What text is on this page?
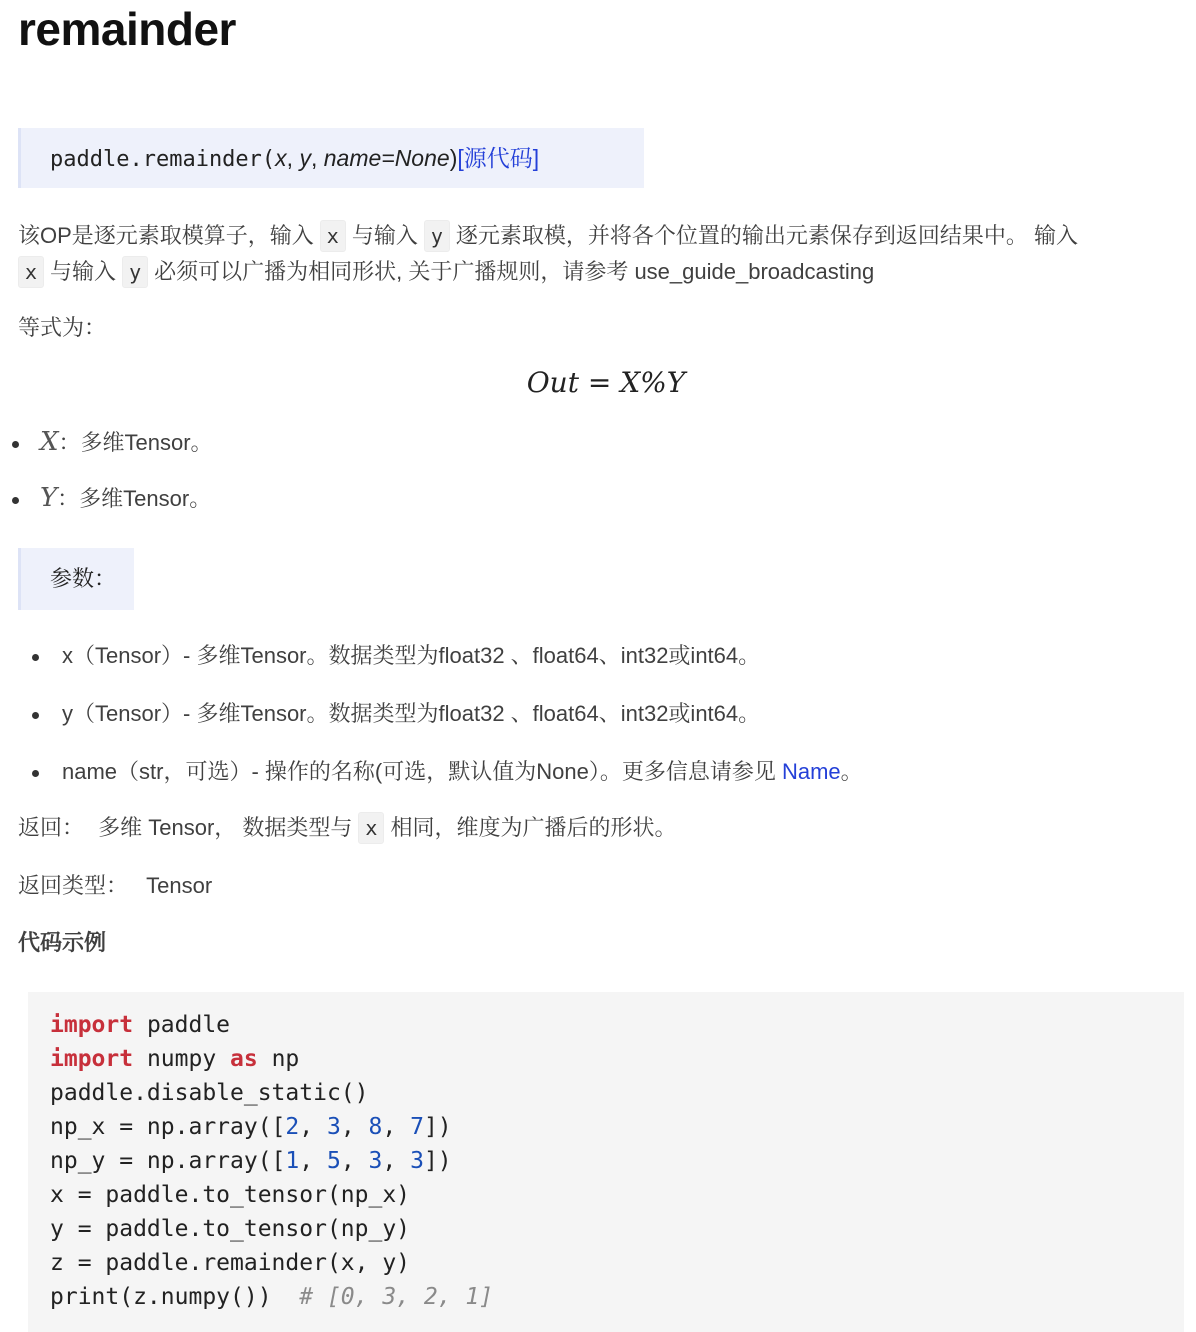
remainder
paddle.remainder(x, y, name=None)[源代码]
该OP是逐元素取模算子，输入 x 与输入 y 逐元素取模，并将各个位置的输出元素保存到返回结果中。 输入
x 与输入 y 必须可以广播为相同形状, 关于广播规则，请参考 use_guide_broadcasting
等式为：
Out = X%Y
X：多维Tensor。
Y：多维Tensor。
参数：
x（Tensor）- 多维Tensor。数据类型为float32 、float64、int32或int64。
y（Tensor）- 多维Tensor。数据类型为float32 、float64、int32或int64。
name（str，可选）- 操作的名称(可选，默认值为None）。更多信息请参见 Name。
返回： 多维 Tensor， 数据类型与 x 相同，维度为广播后的形状。
返回类型： Tensor
代码示例
import paddle
import numpy as np
paddle.disable_static()
np_x = np.array([2, 3, 8, 7])
np_y = np.array([1, 5, 3, 3])
x = paddle.to_tensor(np_x)
y = paddle.to_tensor(np_y)
z = paddle.remainder(x, y)
print(z.numpy())  # [0, 3, 2, 1]
